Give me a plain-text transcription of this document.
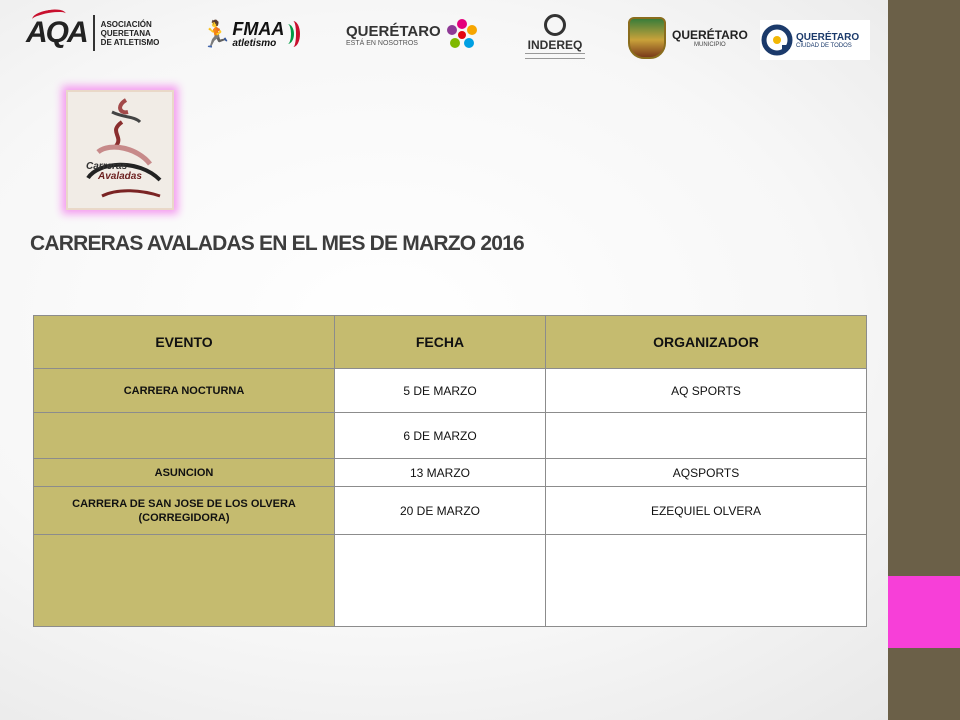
AQA ASOCIACIÓN
QUERETANA
DE ATLETISMO 🏃 FMAA
atletismo
QUERÉTARO
ESTÁ EN NOSOTROS	INDEREQ
QUERÉTARO
MUNICIPIO
QUERÉTARO
CIUDAD DE TODOS
Carreras
Avaladas
CARRERAS AVALADAS EN EL MES DE MARZO 2016
EVENTO	FECHA	ORGANIZADOR
CARRERA NOCTURNA	5 DE MARZO	AQ SPORTS
	6 DE MARZO	
ASUNCION	13 MARZO	AQSPORTS
CARRERA DE SAN JOSE DE LOS OLVERA (CORREGIDORA)	20 DE MARZO	EZEQUIEL OLVERA
